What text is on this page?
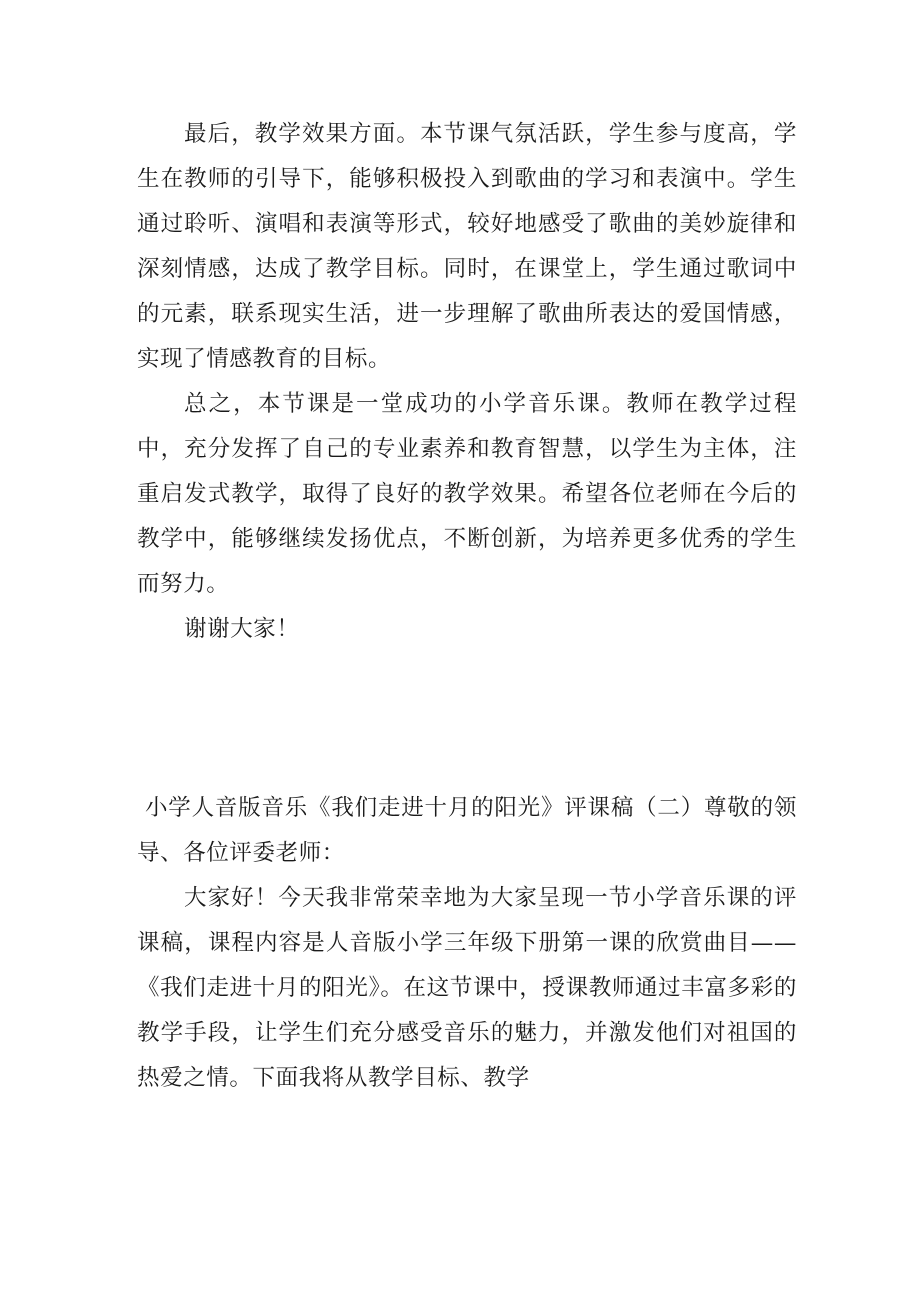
最后，教学效果方面。本节课气氛活跃，学生参与度高，学生在教师的引导下，能够积极投入到歌曲的学习和表演中。学生通过聆听、演唱和表演等形式，较好地感受了歌曲的美妙旋律和深刻情感，达成了教学目标。同时，在课堂上，学生通过歌词中的元素，联系现实生活，进一步理解了歌曲所表达的爱国情感，实现了情感教育的目标。

总之，本节课是一堂成功的小学音乐课。教师在教学过程中，充分发挥了自己的专业素养和教育智慧，以学生为主体，注重启发式教学，取得了良好的教学效果。希望各位老师在今后的教学中，能够继续发扬优点，不断创新，为培养更多优秀的学生而努力。

谢谢大家！

小学人音版音乐《我们走进十月的阳光》评课稿（二）尊敬的领导、各位评委老师：

大家好！今天我非常荣幸地为大家呈现一节小学音乐课的评课稿，课程内容是人音版小学三年级下册第一课的欣赏曲目——《我们走进十月的阳光》。在这节课中，授课教师通过丰富多彩的教学手段，让学生们充分感受音乐的魅力，并激发他们对祖国的热爱之情。下面我将从教学目标、教学
